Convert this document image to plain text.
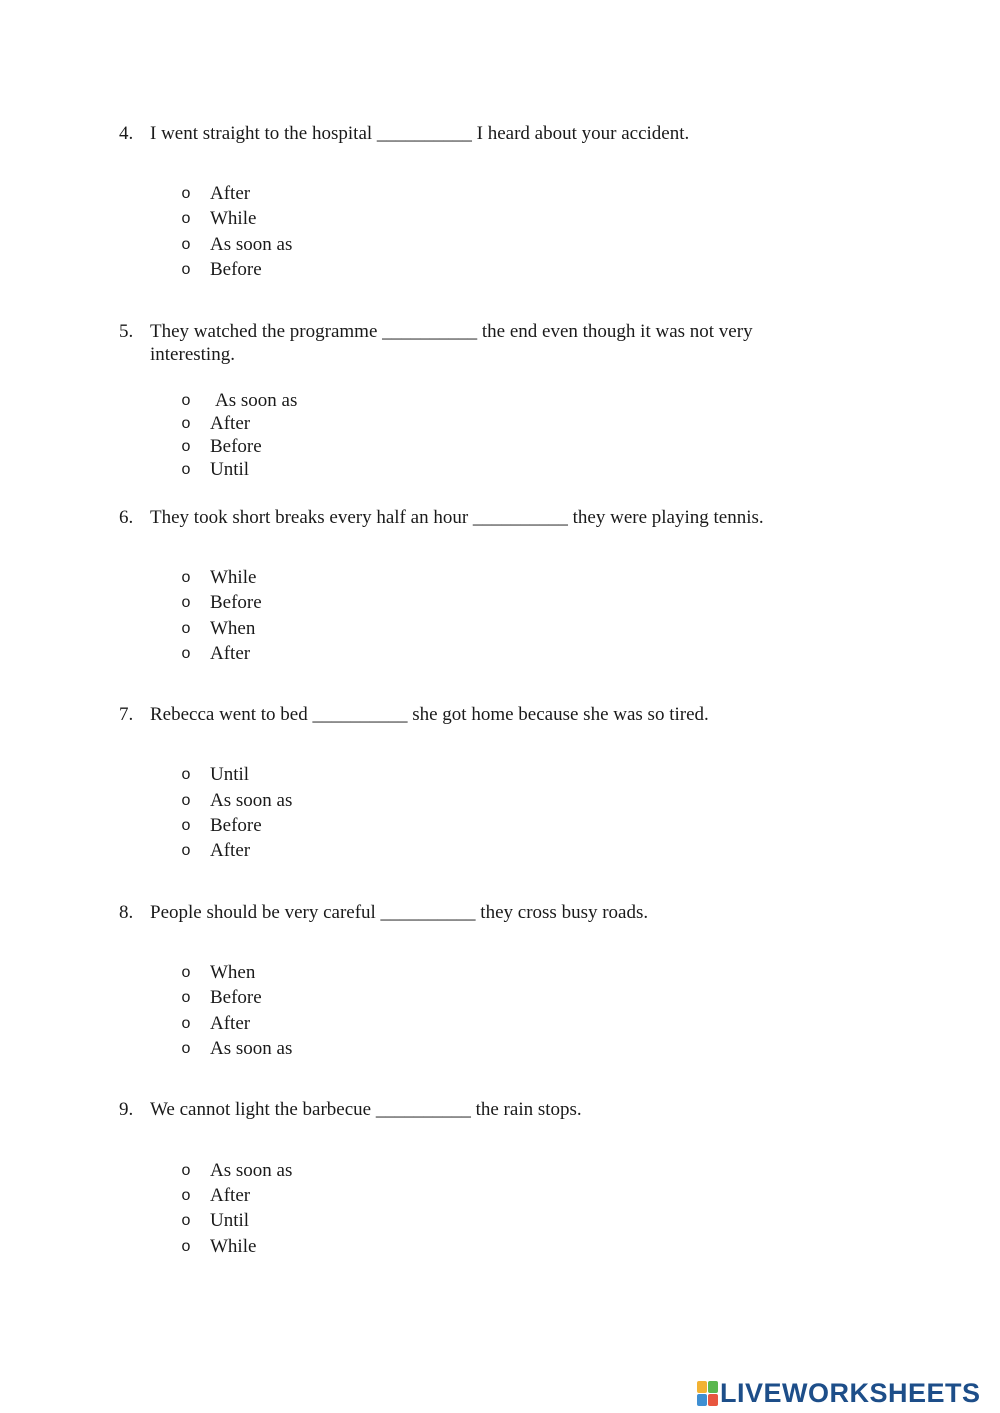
4. I went straight to the hospital __________ I heard about your accident.
o After
o While
o As soon as
o Before
5. They watched the programme __________ the end even though it was not very
interesting.
o As soon as
o After
o Before
o Until
6. They took short breaks every half an hour __________ they were playing tennis.
o While
o Before
o When
o After
7. Rebecca went to bed __________ she got home because she was so tired.
o Until
o As soon as
o Before
o After
8. People should be very careful __________ they cross busy roads.
o When
o Before
o After
o As soon as
9. We cannot light the barbecue __________ the rain stops.
o As soon as
o After
o Until
o While
LIVEWORKSHEETS
